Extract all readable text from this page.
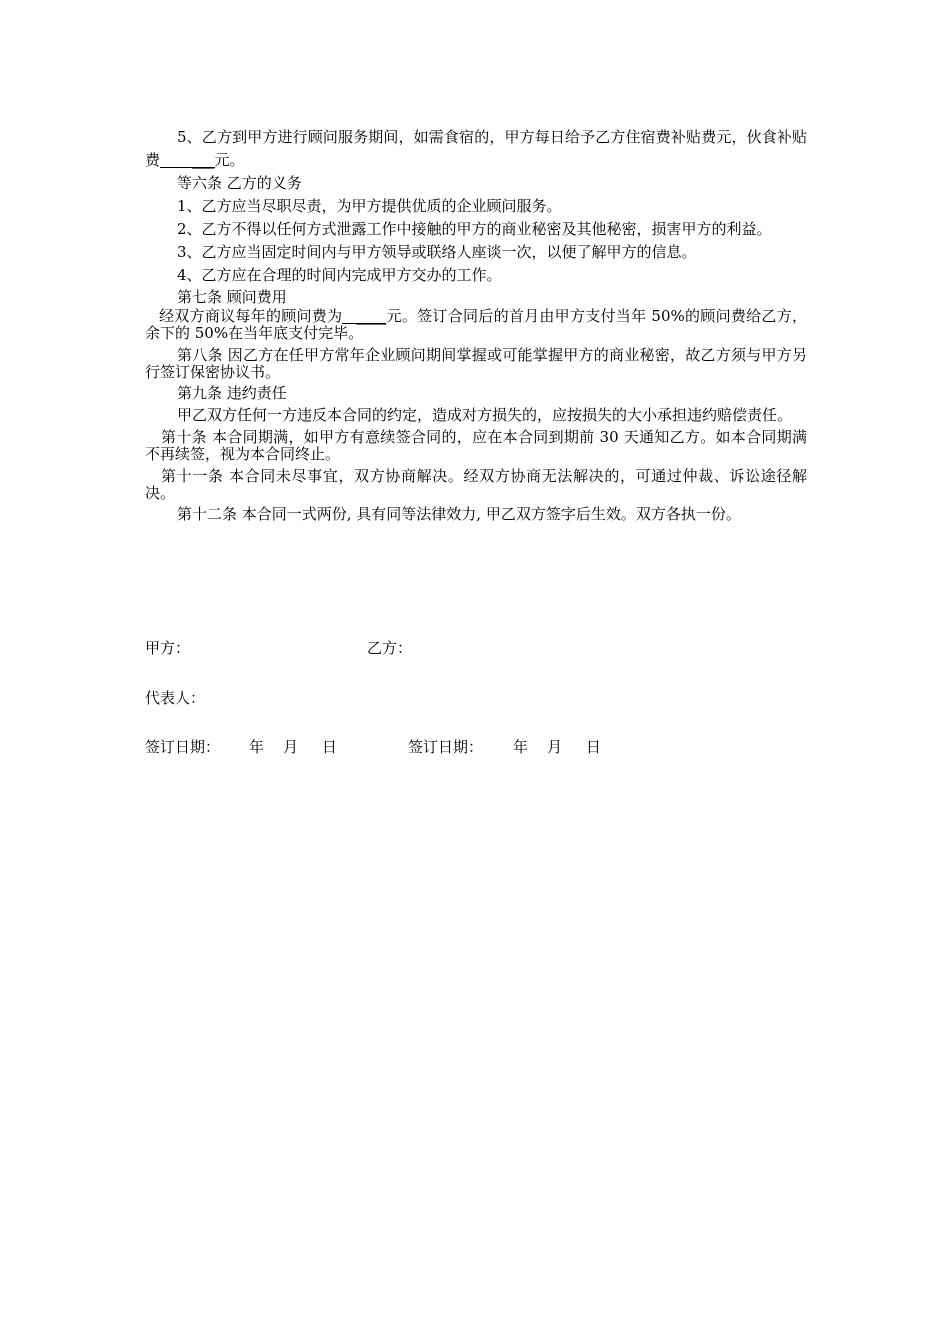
5、乙方到甲方进行顾问服务期间，如需食宿的，甲方每日给予乙方住宿费补贴费元，伙食补贴费 ___元。

等六条 乙方的义务

1、乙方应当尽职尽责，为甲方提供优质的企业顾问服务。

2、乙方不得以任何方式泄露工作中接触的甲方的商业秘密及其他秘密，损害甲方的利益。

3、乙方应当固定时间内与甲方领导或联络人座谈一次，以便了解甲方的信息。

4、乙方应在合理的时间内完成甲方交办的工作。

第七条 顾问费用

经双方商议每年的顾问费为 ____元。签订合同后的首月由甲方支付当年 50%的顾问费给乙方，余下的 50%在当年底支付完毕。

第八条 因乙方在任甲方常年企业顾问期间掌握或可能掌握甲方的商业秘密，故乙方须与甲方另行签订保密协议书。

第九条 违约责任

甲乙双方任何一方违反本合同的约定，造成对方损失的，应按损失的大小承担违约赔偿责任。

第十条 本合同期满，如甲方有意续签合同的，应在本合同到期前 30 天通知乙方。如本合同期满不再续签，视为本合同终止。

第十一条 本合同未尽事宜，双方协商解决。经双方协商无法解决的，可通过仲裁、诉讼途径解决。

第十二条 本合同一式两份, 具有同等法律效力, 甲乙双方签字后生效。双方各执一份。

甲方：

	乙方：

代表人：

签订日期：

年    月     日

	签订日期：

年    月     日
